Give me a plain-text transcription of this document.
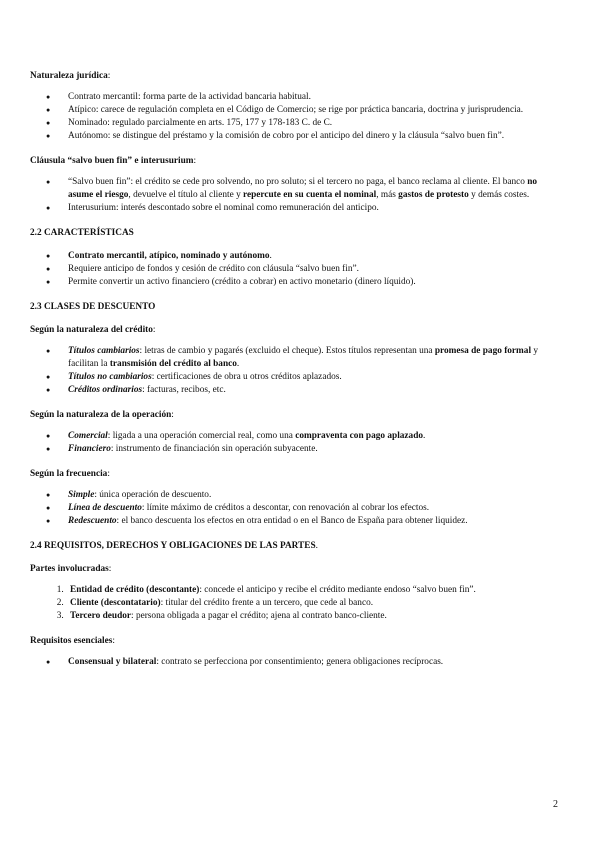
Naturaleza jurídica:

● Contrato mercantil: forma parte de la actividad bancaria habitual.
● Atípico: carece de regulación completa en el Código de Comercio; se rige por práctica bancaria, doctrina y jurisprudencia.
● Nominado: regulado parcialmente en arts. 175, 177 y 178-183 C. de C.
● Autónomo: se distingue del préstamo y la comisión de cobro por el anticipo del dinero y la cláusula “salvo buen fin”.

Cláusula “salvo buen fin” e interusurium:

● “Salvo buen fin”: el crédito se cede pro solvendo, no pro soluto; si el tercero no paga, el banco reclama al cliente. El banco no asume el riesgo, devuelve el título al cliente y repercute en su cuenta el nominal, más gastos de protesto y demás costes.
● Interusurium: interés descontado sobre el nominal como remuneración del anticipo.

2.2 CARACTERÍSTICAS

● Contrato mercantil, atípico, nominado y autónomo.
● Requiere anticipo de fondos y cesión de crédito con cláusula “salvo buen fin”.
● Permite convertir un activo financiero (crédito a cobrar) en activo monetario (dinero líquido).

2.3 CLASES DE DESCUENTO

Según la naturaleza del crédito:

● Títulos cambiarios: letras de cambio y pagarés (excluido el cheque). Estos títulos representan una promesa de pago formal y facilitan la transmisión del crédito al banco.
● Títulos no cambiarios: certificaciones de obra u otros créditos aplazados.
● Créditos ordinarios: facturas, recibos, etc.

Según la naturaleza de la operación:

● Comercial: ligada a una operación comercial real, como una compraventa con pago aplazado.
● Financiero: instrumento de financiación sin operación subyacente.

Según la frecuencia:

● Simple: única operación de descuento.
● Línea de descuento: límite máximo de créditos a descontar, con renovación al cobrar los efectos.
● Redescuento: el banco descuenta los efectos en otra entidad o en el Banco de España para obtener liquidez.

2.4 REQUISITOS, DERECHOS Y OBLIGACIONES DE LAS PARTES.

Partes involucradas:

1. Entidad de crédito (descontante): concede el anticipo y recibe el crédito mediante endoso “salvo buen fin”.
2. Cliente (descontatario): titular del crédito frente a un tercero, que cede al banco.
3. Tercero deudor: persona obligada a pagar el crédito; ajena al contrato banco-cliente.

Requisitos esenciales:

● Consensual y bilateral: contrato se perfecciona por consentimiento; genera obligaciones recíprocas.
2
